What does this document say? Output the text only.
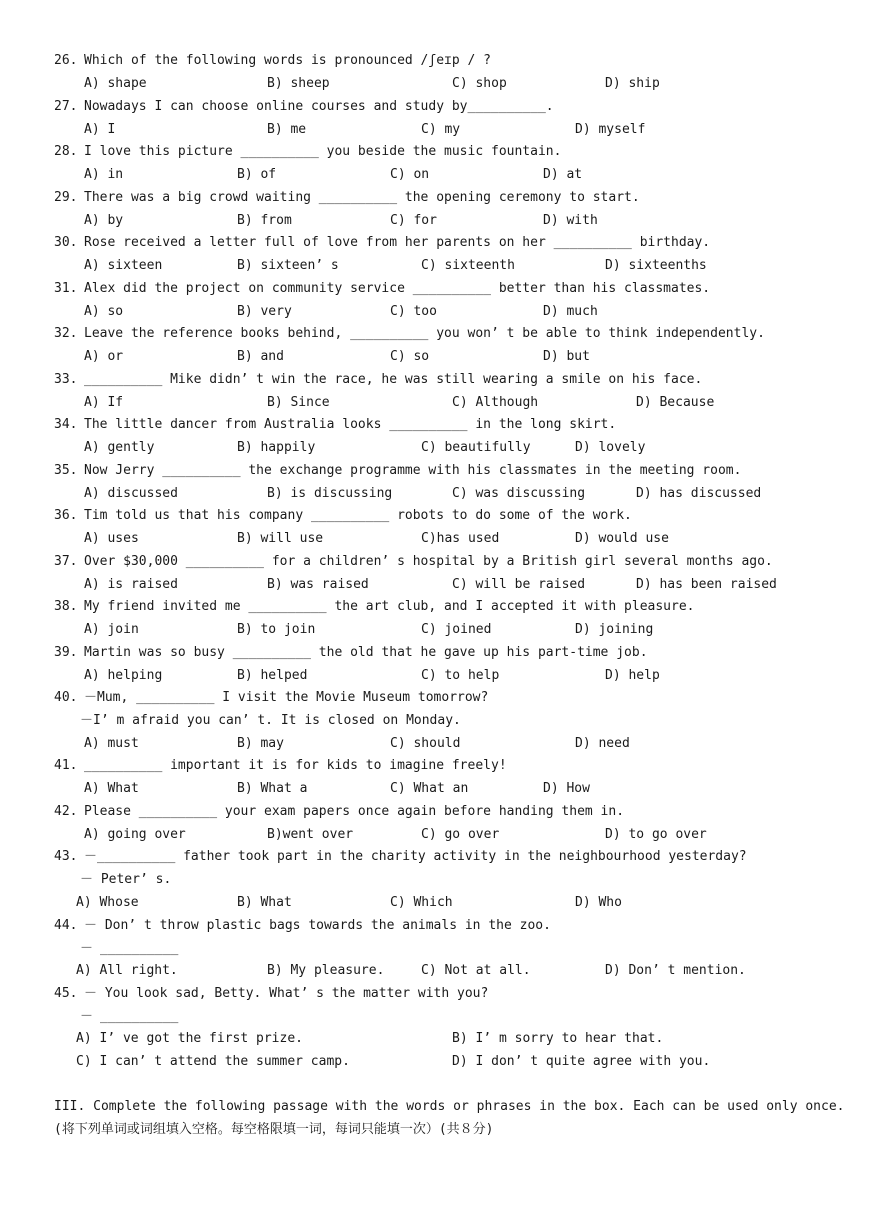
26. Which of the following words is pronounced /ʃeɪp / ?
A) shape	B) sheep	C) shop	D) ship
27. Nowadays I can choose online courses and study by__________.
A) I	B) me	C) my	D) myself
28. I love this picture __________ you beside the music fountain.
A) in	B) of	C) on	D) at
29. There was a big crowd waiting __________ the opening ceremony to start.
A) by	B) from	C) for	D) with
30. Rose received a letter full of love from her parents on her __________ birthday.
A) sixteen	B) sixteen’ s	C) sixteenth	D) sixteenths
31. Alex did the project on community service __________ better than his classmates.
A) so	B) very	C) too	D) much
32. Leave the reference books behind, __________ you won’ t be able to think independently.
A) or	B) and	C) so	D) but
33. __________ Mike didn’ t win the race, he was still wearing a smile on his face.
A) If	B) Since	C) Although	D) Because
34. The little dancer from Australia looks __________ in the long skirt.
A) gently	B) happily	C) beautifully	D) lovely
35. Now Jerry __________ the exchange programme with his classmates in the meeting room.
A) discussed	B) is discussing	C) was discussing	D) has discussed
36. Tim told us that his company __________ robots to do some of the work.
A) uses	B) will use	C)has used	D) would use
37. Over $30,000 __________ for a children’ s hospital by a British girl several months ago.
A) is raised	B) was raised	C) will be raised	D) has been raised
38. My friend invited me __________ the art club, and I accepted it with pleasure.
A) join	B) to join	C) joined	D) joining
39. Martin was so busy __________ the old that he gave up his part-time job.
A) helping	B) helped	C) to help	D) help
40. －Mum, __________ I visit the Movie Museum tomorrow?
－I’ m afraid you can’ t. It is closed on Monday.
A) must	B) may	C) should	D) need
41. __________ important it is for kids to imagine freely!
A) What	B) What a	C) What an	D) How
42. Please __________ your exam papers once again before handing them in.
A) going over	B)went over	C) go over	D) to go over
43. －__________ father took part in the charity activity in the neighbourhood yesterday?
－ Peter’ s.
A) Whose	B) What	C) Which	D) Who
44. － Don’ t throw plastic bags towards the animals in the zoo.
－ __________
A) All right.	B) My pleasure.	C) Not at all.	D) Don’ t mention.
45. － You look sad, Betty. What’ s the matter with you?
－ __________
A) I’ ve got the first prize.	B) I’ m sorry to hear that.
C) I can’ t attend the summer camp.	D) I don’ t quite agree with you.
III. Complete the following passage with the words or phrases in the box. Each can be used only once.
(将下列单词或词组填入空格。每空格限填一词，每词只能填一次）(共８分)
